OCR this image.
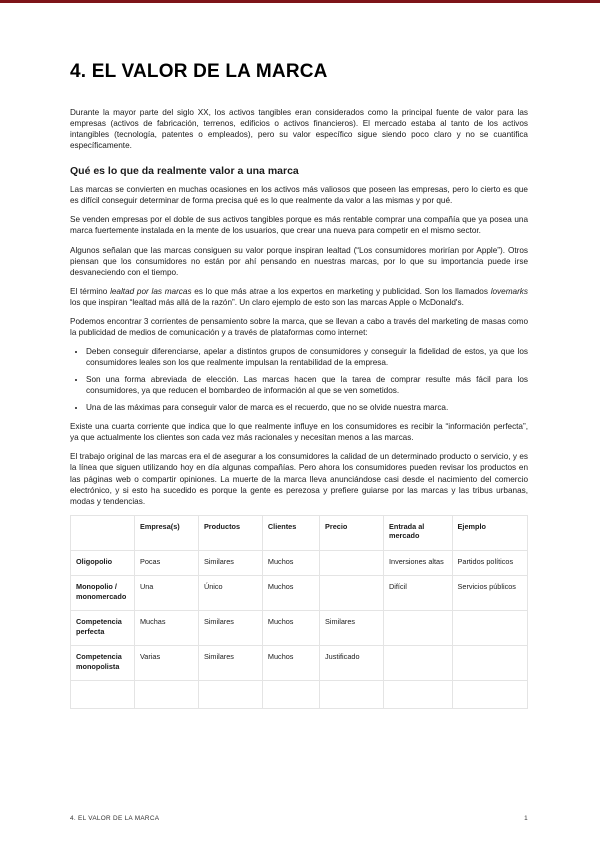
4. EL VALOR DE LA MARCA

Durante la mayor parte del siglo XX, los activos tangibles eran considerados como la principal fuente de valor para las empresas (activos de fabricación, terrenos, edificios o activos financieros). El mercado estaba al tanto de los activos intangibles (tecnología, patentes o empleados), pero su valor específico sigue siendo poco claro y no se cuantifica específicamente.

Qué es lo que da realmente valor a una marca

Las marcas se convierten en muchas ocasiones en los activos más valiosos que poseen las empresas, pero lo cierto es que es difícil conseguir determinar de forma precisa qué es lo que realmente da valor a las mismas y por qué.

Se venden empresas por el doble de sus activos tangibles porque es más rentable comprar una compañía que ya posea una marca fuertemente instalada en la mente de los usuarios, que crear una nueva para competir en el mismo sector.

Algunos señalan que las marcas consiguen su valor porque inspiran lealtad (“Los consumidores morirían por Apple”). Otros piensan que los consumidores no están por ahí pensando en nuestras marcas, por lo que su importancia puede irse desvaneciendo con el tiempo.

El término lealtad por las marcas es lo que más atrae a los expertos en marketing y publicidad. Son los llamados lovemarks los que inspiran “lealtad más allá de la razón”. Un claro ejemplo de esto son las marcas Apple o McDonald's.

Podemos encontrar 3 corrientes de pensamiento sobre la marca, que se llevan a cabo a través del marketing de masas como la publicidad de medios de comunicación y a través de plataformas como internet:

• Deben conseguir diferenciarse, apelar a distintos grupos de consumidores y conseguir la fidelidad de estos, ya que los consumidores leales son los que realmente impulsan la rentabilidad de la empresa.
• Son una forma abreviada de elección. Las marcas hacen que la tarea de comprar resulte más fácil para los consumidores, ya que reducen el bombardeo de información al que se ven sometidos.
• Una de las máximas para conseguir valor de marca es el recuerdo, que no se olvide nuestra marca.

Existe una cuarta corriente que indica que lo que realmente influye en los consumidores es recibir la “información perfecta”, ya que actualmente los clientes son cada vez más racionales y necesitan menos a las marcas.

El trabajo original de las marcas era el de asegurar a los consumidores la calidad de un determinado producto o servicio, y es la línea que siguen utilizando hoy en día algunas compañías. Pero ahora los consumidores pueden revisar los productos en las páginas web o compartir opiniones. La muerte de la marca lleva anunciándose casi desde el nacimiento del comercio electrónico, y si esto ha sucedido es porque la gente es perezosa y prefiere guiarse por las marcas y las tribus urbanas, modas y tendencias.

	Empresa(s)	Productos	Clientes	Precio	Entrada al mercado	Ejemplo
Oligopolio	Pocas	Similares	Muchos		Inversiones altas	Partidos políticos
Monopolio / monomercado	Una	Único	Muchos		Difícil	Servicios públicos
Competencia perfecta	Muchas	Similares	Muchos	Similares		
Competencia monopolista	Varias	Similares	Muchos	Justificado		

4. EL VALOR DE LA MARCA	1
